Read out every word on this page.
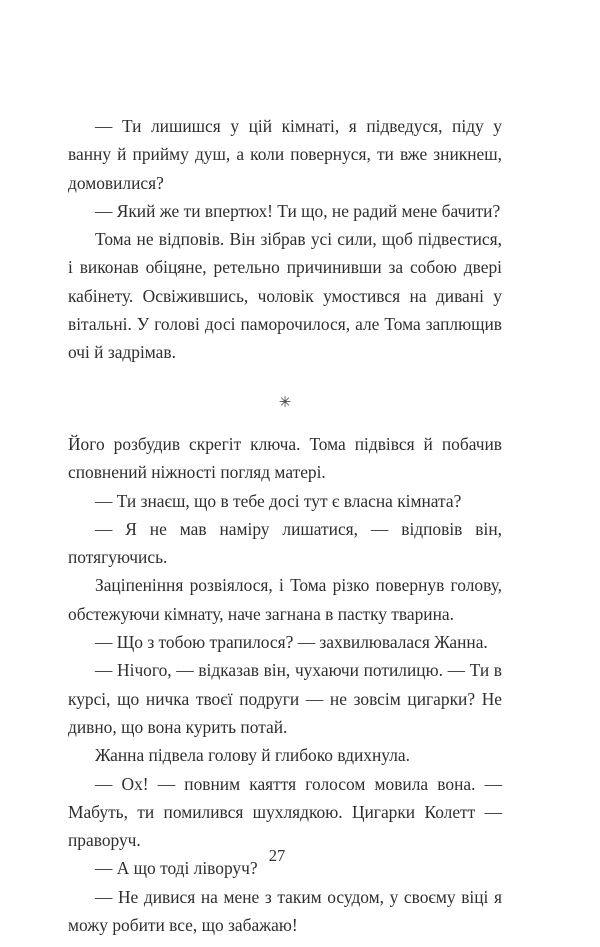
— Ти лишишся у цій кімнаті, я підведуся, піду у ванну й прийму душ, а коли повернуся, ти вже зникнеш, домовилися?

— Який же ти впертюх! Ти що, не радий мене бачити?

Тома не відповів. Він зібрав усі сили, щоб підвестися, і виконав обіцяне, ретельно причинивши за собою двері кабінету. Освіжившись, чоловік умостився на дивані у вітальні. У голові досі паморочилося, але Тома заплющив очі й задрімав.

✳

Його розбудив скрегіт ключа. Тома підвівся й побачив сповнений ніжності погляд матері.

— Ти знаєш, що в тебе досі тут є власна кімната?

— Я не мав наміру лишатися, — відповів він, потягуючись.

Заціпеніння розвіялося, і Тома різко повернув голову, обстежуючи кімнату, наче загнана в пастку тварина.

— Що з тобою трапилося? — захвилювалася Жанна.

— Нічого, — відказав він, чухаючи потилицю. — Ти в курсі, що ничка твоєї подруги — не зовсім цигарки? Не дивно, що вона курить потай.

Жанна підвела голову й глибоко вдихнула.

— Ох! — повним каяття голосом мовила вона. — Мабуть, ти помилився шухлядкою. Цигарки Колетт — праворуч.

— А що тоді ліворуч?

— Не дивися на мене з таким осудом, у своєму віці я можу робити все, що забажаю!

27
